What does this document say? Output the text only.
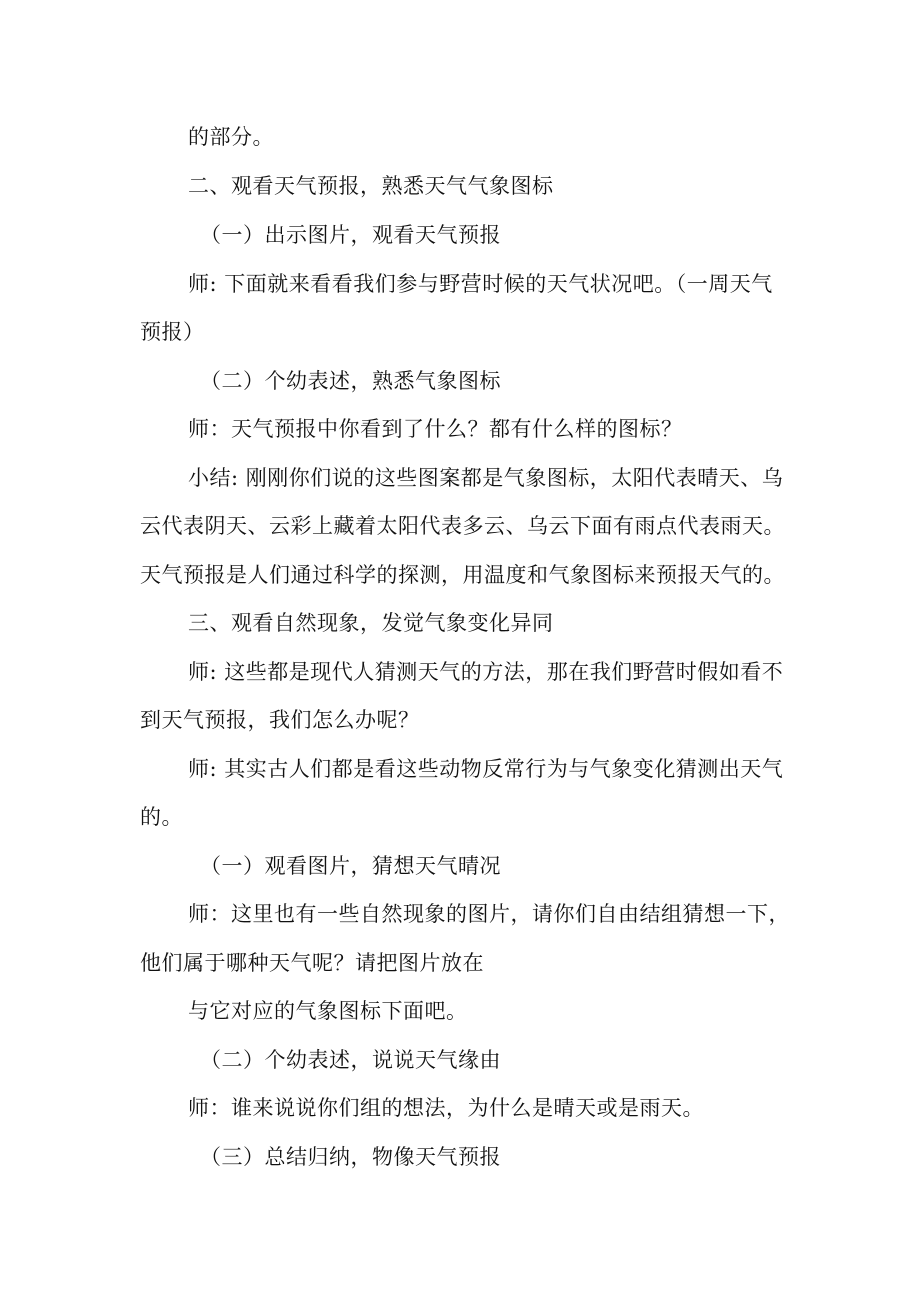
的部分。
二、观看天气预报，熟悉天气气象图标
（一）出示图片，观看天气预报
师: 下面就来看看我们参与野营时候的天气状况吧。（一周天气
预报）
（二）个幼表述，熟悉气象图标
师：天气预报中你看到了什么？都有什么样的图标？
小结: 刚刚你们说的这些图案都是气象图标，太阳代表晴天、乌
云代表阴天、云彩上藏着太阳代表多云、乌云下面有雨点代表雨天。
天气预报是人们通过科学的探测，用温度和气象图标来预报天气的。
三、观看自然现象，发觉气象变化异同
师: 这些都是现代人猜测天气的方法，那在我们野营时假如看不
到天气预报，我们怎么办呢？
师: 其实古人们都是看这些动物反常行为与气象变化猜测出天气
的。
（一）观看图片，猜想天气晴况
师：这里也有一些自然现象的图片，请你们自由结组猜想一下，
他们属于哪种天气呢？请把图片放在
与它对应的气象图标下面吧。
（二）个幼表述，说说天气缘由
师：谁来说说你们组的想法，为什么是晴天或是雨天。
（三）总结归纳，物像天气预报
